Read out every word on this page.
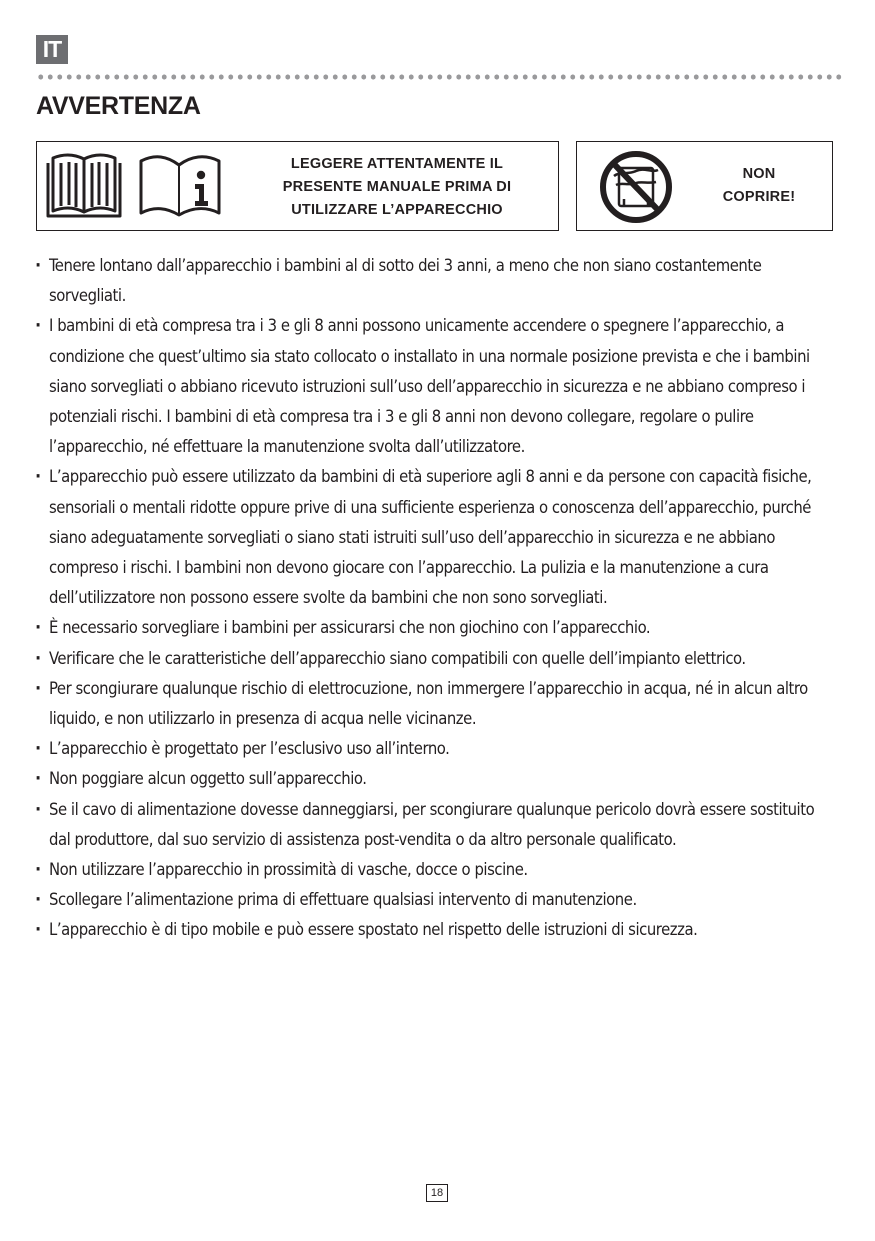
IT
AVVERTENZA
LEGGERE ATTENTAMENTE IL
PRESENTE MANUALE PRIMA DI
UTILIZZARE L’APPARECCHIO
NON
COPRIRE!
· Tenere lontano dall’apparecchio i bambini al di sotto dei 3 anni, a meno che non siano costantemente sorvegliati.
· I bambini di età compresa tra i 3 e gli 8 anni possono unicamente accendere o spegnere l’apparecchio, a condizione che quest’ultimo sia stato collocato o installato in una normale posizione prevista e che i bambini siano sorvegliati o abbiano ricevuto istruzioni sull’uso dell’apparecchio in sicurezza e ne abbiano compreso i potenziali rischi. I bambini di età compresa tra i 3 e gli 8 anni non devono collegare, regolare o pulire l’apparecchio, né effettuare la manutenzione svolta dall’utilizzatore.
· L’apparecchio può essere utilizzato da bambini di età superiore agli 8 anni e da persone con capacità fisiche, sensoriali o mentali ridotte oppure prive di una sufficiente esperienza o conoscenza dell’apparecchio, purché siano adeguatamente sorvegliati o siano stati istruiti sull’uso dell’apparecchio in sicurezza e ne abbiano compreso i rischi. I bambini non devono giocare con l’apparecchio. La pulizia e la manutenzione a cura dell’utilizzatore non possono essere svolte da bambini che non sono sorvegliati.
· È necessario sorvegliare i bambini per assicurarsi che non giochino con l’apparecchio.
· Verificare che le caratteristiche dell’apparecchio siano compatibili con quelle dell’impianto elettrico.
· Per scongiurare qualunque rischio di elettrocuzione, non immergere l’apparecchio in acqua, né in alcun altro liquido, e non utilizzarlo in presenza di acqua nelle vicinanze.
· L’apparecchio è progettato per l’esclusivo uso all’interno.
· Non poggiare alcun oggetto sull’apparecchio.
· Se il cavo di alimentazione dovesse danneggiarsi, per scongiurare qualunque pericolo dovrà essere sostituito dal produttore, dal suo servizio di assistenza post-vendita o da altro personale qualificato.
· Non utilizzare l’apparecchio in prossimità di vasche, docce o piscine.
· Scollegare l’alimentazione prima di effettuare qualsiasi intervento di manutenzione.
· L’apparecchio è di tipo mobile e può essere spostato nel rispetto delle istruzioni di sicurezza.
18
